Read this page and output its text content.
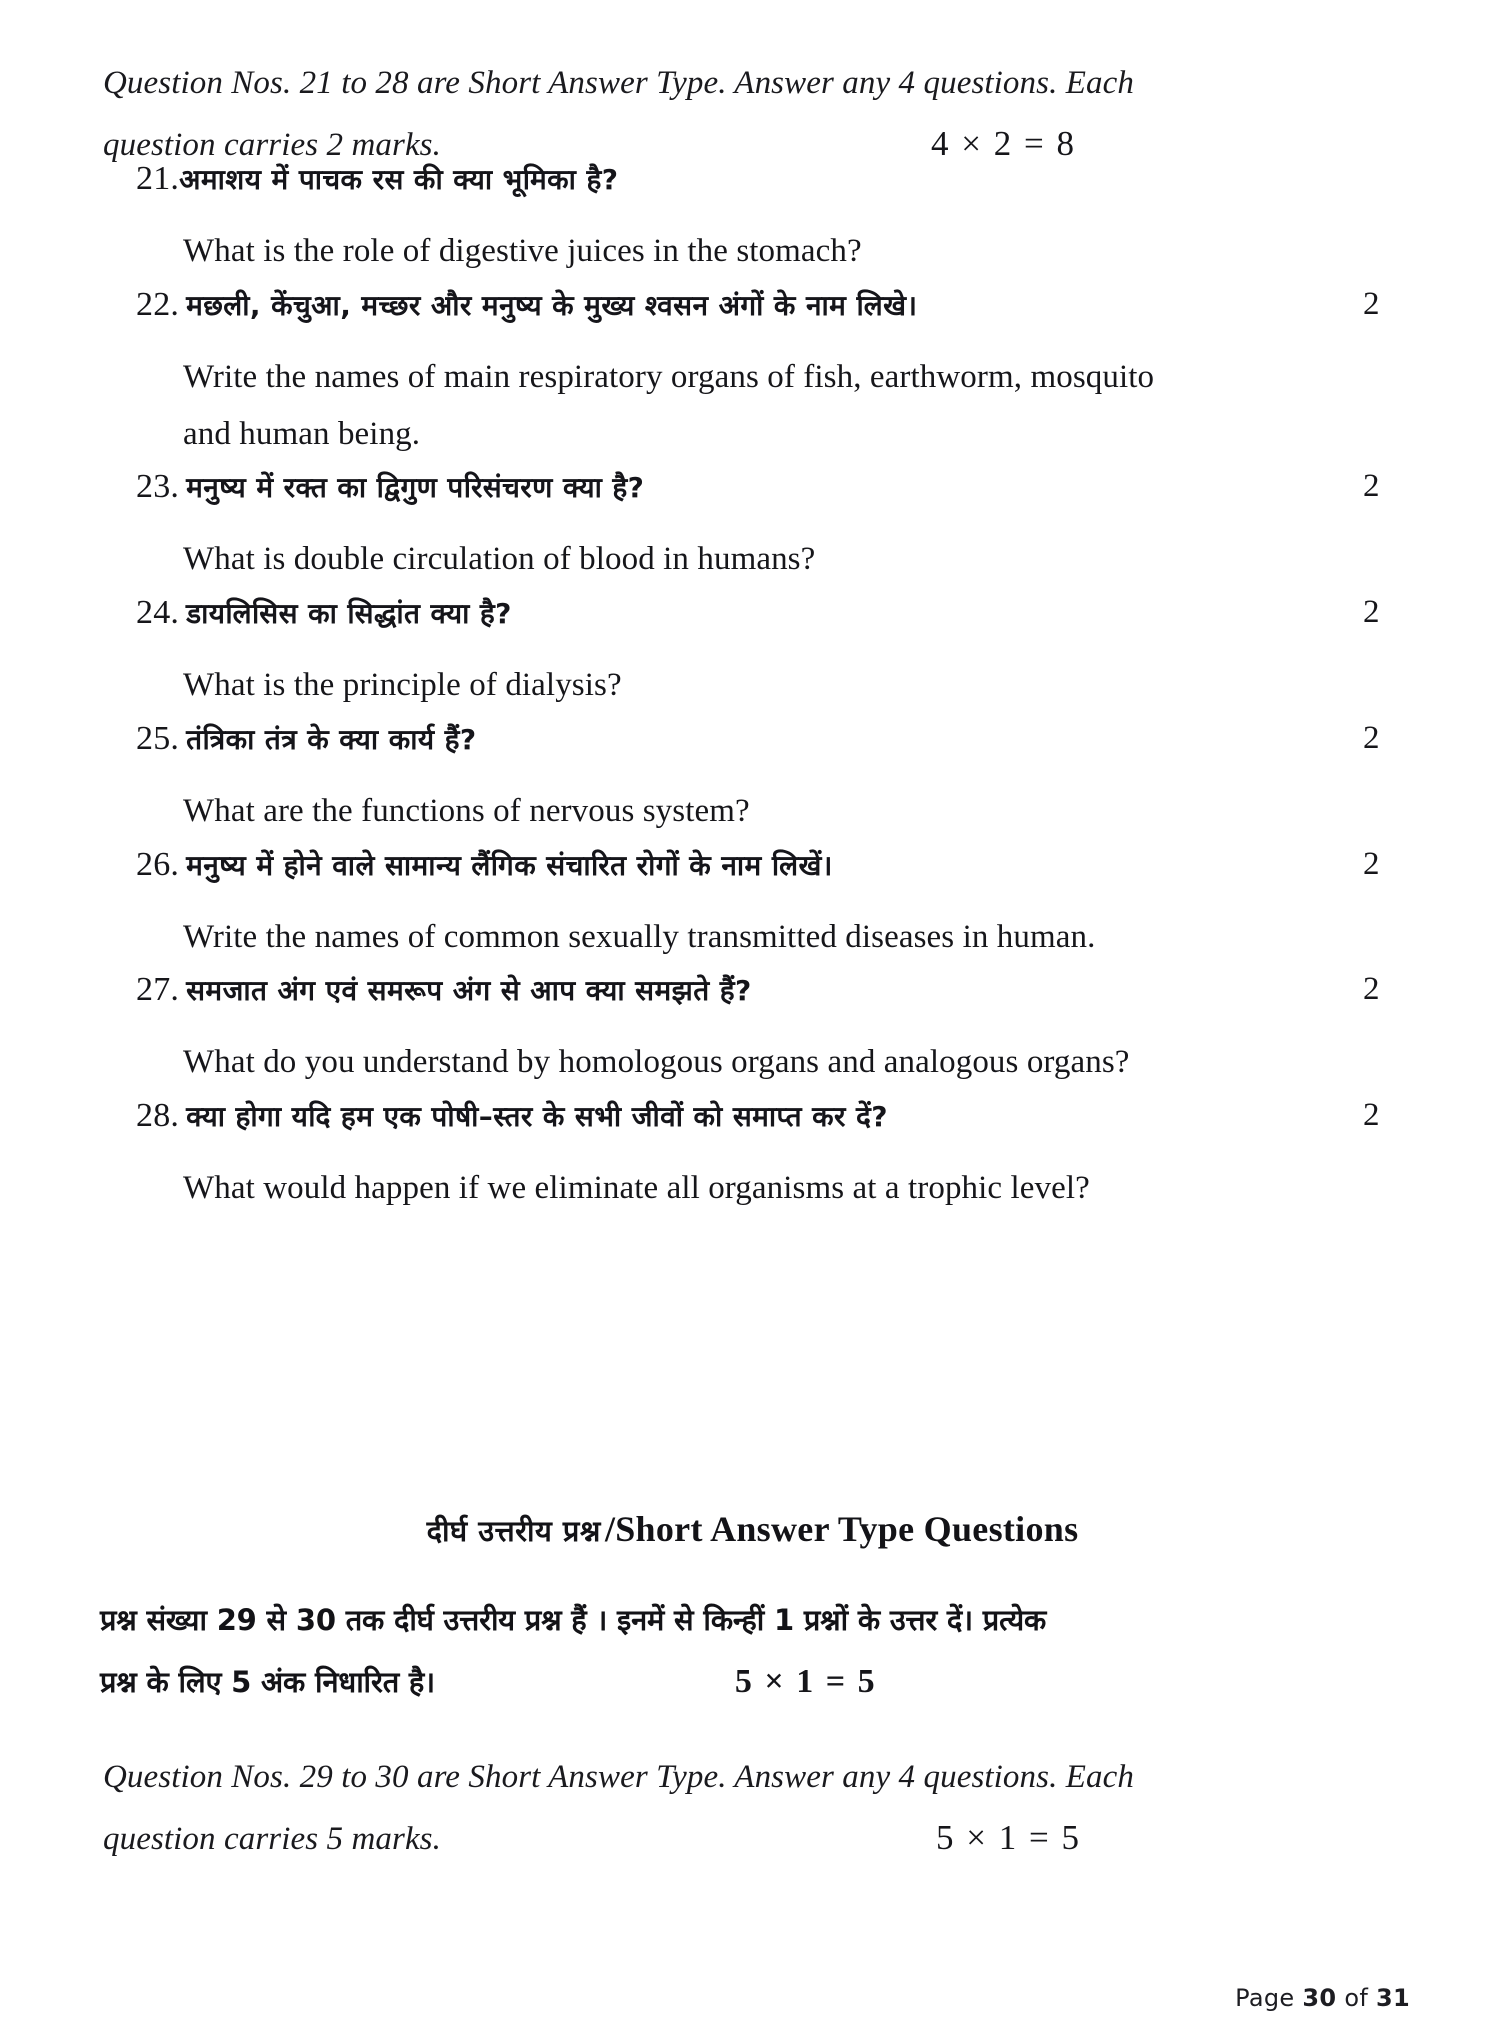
Question Nos. 21 to 28 are Short Answer Type. Answer any 4 questions. Each
question carries 2 marks.	4 × 2 = 8
21. अमाशय में पाचक रस की क्या भूमिका है?
What is the role of digestive juices in the stomach?
22. मछली, केंचुआ, मच्छर और मनुष्य के मुख्य श्वसन अंगों के नाम लिखे।	2
Write the names of main respiratory organs of fish, earthworm, mosquito
and human being.
23. मनुष्य में रक्त का द्विगुण परिसंचरण क्या है?	2
What is double circulation of blood in humans?
24. डायलिसिस का सिद्धांत क्या है?	2
What is the principle of dialysis?
25. तंत्रिका तंत्र के क्या कार्य हैं?	2
What are the functions of nervous system?
26. मनुष्य में होने वाले सामान्य लैंगिक संचारित रोगों के नाम लिखें।	2
Write the names of common sexually transmitted diseases in human.
27. समजात अंग एवं समरूप अंग से आप क्या समझते हैं?	2
What do you understand by homologous organs and analogous organs?
28. क्या होगा यदि हम एक पोषी–स्तर के सभी जीवों को समाप्त कर दें?	2
What would happen if we eliminate all organisms at a trophic level?
दीर्घ उत्तरीय प्रश्न /Short Answer Type Questions
प्रश्न संख्या 29 से 30 तक दीर्घ उत्तरीय प्रश्न हैं । इनमें से किन्हीं 1 प्रश्नों के उत्तर दें। प्रत्येक
प्रश्न के लिए 5 अंक निधारित है।	5 × 1 = 5
Question Nos. 29 to 30 are Short Answer Type. Answer any 4 questions. Each
question carries 5 marks.	5 × 1 = 5
Page 30 of 31
